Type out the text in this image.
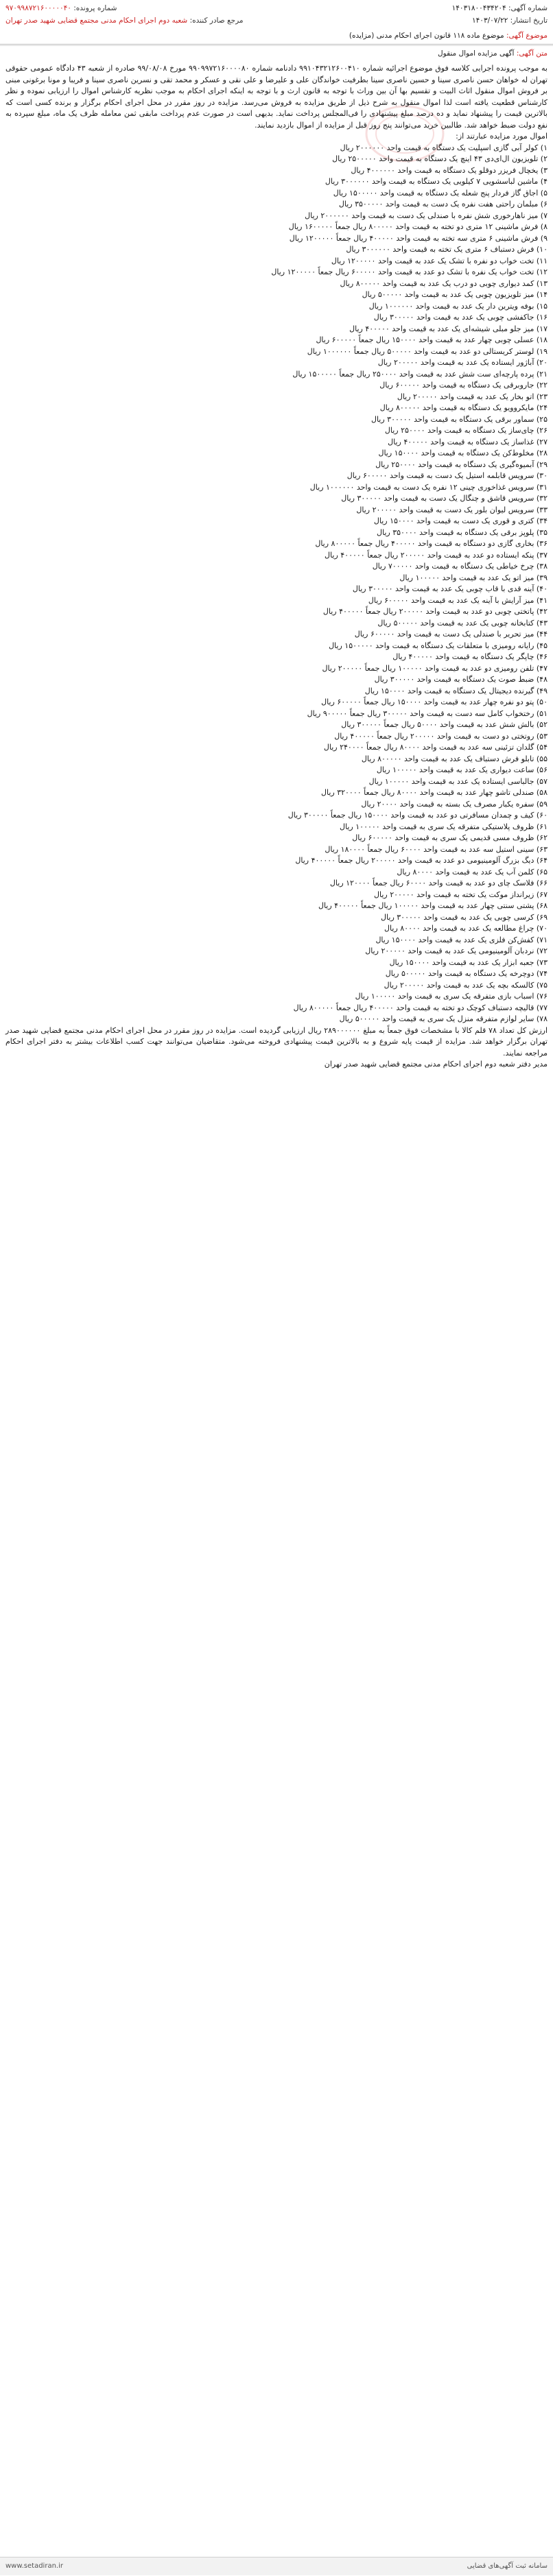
شماره آگهی: ۱۴۰۳۱۸۰۰۴۳۴۲۰۴
تاریخ انتشار: ۱۴۰۳/۰۷/۲۲
شماره پرونده: ۹۷۰۹۹۸۷۲۱۶۰۰۰۰۰۴۰
مرجع صادر کننده: شعبه دوم اجرای احکام مدنی مجتمع قضایی شهید صدر تهران
موضوع آگهی: موضوع ماده ۱۱۸ قانون اجرای احکام مدنی (مزایده)
متن آگهی: آگهی مزایده اموال منقول

به موجب پرونده اجرایی کلاسه فوق موضوع اجرائیه شماره ۹۹۱۰۴۳۲۱۲۶۰۰۴۱۰ دادنامه شماره ۹۹۰۹۹۷۲۱۶۰۰۰۰۸۰ مورخ ۹۹/۰۸/۰۸ صادره از شعبه ۴۳ دادگاه عمومی حقوقی تهران له خواهان حسن ناصری سینا و حسین ناصری سینا بطرفیت خواندگان علی و علیرضا و علی نقی و عسکر و محمد تقی و نسرین ناصری سینا و فریبا و مونا برغونی مبنی بر فروش اموال منقول اثاث البیت و تقسیم بها آن بین وراث با توجه به قانون ارث و با توجه به اینکه اجرای احکام به موجب نظریه کارشناس اموال را ارزیابی نموده و نظر کارشناس قطعیت یافته است لذا اموال منقول به شرح ذیل از طریق مزایده به فروش می‌رسد. مزایده در روز مقرر در محل اجرای احکام برگزار و برنده کسی است که بالاترین قیمت را پیشنهاد نماید و ده درصد مبلغ پیشنهادی را فی‌المجلس پرداخت نماید. بدیهی است در صورت عدم پرداخت مابقی ثمن معامله ظرف یک ماه، مبلغ سپرده به نفع دولت ضبط خواهد شد. طالبین خرید می‌توانند پنج روز قبل از مزایده از اموال بازدید نمایند.

اموال مورد مزایده عبارتند از:

۱) کولر آبی گازی اسپلیت یک دستگاه به قیمت واحد ۲۰۰۰۰۰۰ ریال
۲) تلویزیون ال‌ای‌دی ۴۳ اینچ یک دستگاه به قیمت واحد ۲۵۰۰۰۰۰ ریال
۳) یخچال فریزر دوقلو یک دستگاه به قیمت واحد ۴۰۰۰۰۰۰ ریال
۴) ماشین لباسشویی ۷ کیلویی یک دستگاه به قیمت واحد ۳۰۰۰۰۰۰ ریال
۵) اجاق گاز فردار پنج شعله یک دستگاه به قیمت واحد ۱۵۰۰۰۰۰ ریال
۶) مبلمان راحتی هفت نفره یک دست به قیمت واحد ۳۵۰۰۰۰۰ ریال
۷) میز ناهارخوری شش نفره با صندلی یک دست به قیمت واحد ۲۰۰۰۰۰۰ ریال
۸) فرش ماشینی ۱۲ متری دو تخته به قیمت واحد ۸۰۰۰۰۰ ریال جمعاً ۱۶۰۰۰۰۰ ریال
۹) فرش ماشینی ۶ متری سه تخته به قیمت واحد ۴۰۰۰۰۰ ریال جمعاً ۱۲۰۰۰۰۰ ریال
۱۰) فرش دستباف ۶ متری یک تخته به قیمت واحد ۳۰۰۰۰۰۰ ریال
۱۱) تخت خواب دو نفره با تشک یک عدد به قیمت واحد ۱۲۰۰۰۰۰ ریال
۱۲) تخت خواب یک نفره با تشک دو عدد به قیمت واحد ۶۰۰۰۰۰ ریال جمعاً ۱۲۰۰۰۰۰ ریال
۱۳) کمد دیواری چوبی دو درب یک عدد به قیمت واحد ۸۰۰۰۰۰ ریال
۱۴) میز تلویزیون چوبی یک عدد به قیمت واحد ۵۰۰۰۰۰ ریال
۱۵) بوفه ویترین دار یک عدد به قیمت واحد ۱۰۰۰۰۰۰ ریال
۱۶) جاکفشی چوبی یک عدد به قیمت واحد ۳۰۰۰۰۰ ریال
۱۷) میز جلو مبلی شیشه‌ای یک عدد به قیمت واحد ۴۰۰۰۰۰ ریال
۱۸) عسلی چوبی چهار عدد به قیمت واحد ۱۵۰۰۰۰ ریال جمعاً ۶۰۰۰۰۰ ریال
۱۹) لوستر کریستالی دو عدد به قیمت واحد ۵۰۰۰۰۰ ریال جمعاً ۱۰۰۰۰۰۰ ریال
۲۰) آباژور ایستاده یک عدد به قیمت واحد ۲۰۰۰۰۰ ریال
۲۱) پرده پارچه‌ای ست شش عدد به قیمت واحد ۲۵۰۰۰۰ ریال جمعاً ۱۵۰۰۰۰۰ ریال
۲۲) جاروبرقی یک دستگاه به قیمت واحد ۶۰۰۰۰۰ ریال
۲۳) اتو بخار یک عدد به قیمت واحد ۲۰۰۰۰۰ ریال
۲۴) مایکروویو یک دستگاه به قیمت واحد ۸۰۰۰۰۰ ریال
۲۵) سماور برقی یک دستگاه به قیمت واحد ۳۰۰۰۰۰ ریال
۲۶) چای‌ساز یک دستگاه به قیمت واحد ۲۵۰۰۰۰ ریال
۲۷) غذاساز یک دستگاه به قیمت واحد ۴۰۰۰۰۰ ریال
۲۸) مخلوط‌کن یک دستگاه به قیمت واحد ۱۵۰۰۰۰ ریال
۲۹) آبمیوه‌گیری یک دستگاه به قیمت واحد ۲۵۰۰۰۰ ریال
۳۰) سرویس قابلمه استیل یک دست به قیمت واحد ۶۰۰۰۰۰ ریال
۳۱) سرویس غذاخوری چینی ۱۲ نفره یک دست به قیمت واحد ۱۰۰۰۰۰۰ ریال
۳۲) سرویس قاشق و چنگال یک دست به قیمت واحد ۳۰۰۰۰۰ ریال
۳۳) سرویس لیوان بلور یک دست به قیمت واحد ۲۰۰۰۰۰ ریال
۳۴) کتری و قوری یک دست به قیمت واحد ۱۵۰۰۰۰ ریال
۳۵) پلوپز برقی یک دستگاه به قیمت واحد ۳۵۰۰۰۰ ریال
۳۶) بخاری گازی دو دستگاه به قیمت واحد ۴۰۰۰۰۰ ریال جمعاً ۸۰۰۰۰۰ ریال
۳۷) پنکه ایستاده دو عدد به قیمت واحد ۲۰۰۰۰۰ ریال جمعاً ۴۰۰۰۰۰ ریال
۳۸) چرخ خیاطی یک دستگاه به قیمت واحد ۷۰۰۰۰۰ ریال
۳۹) میز اتو یک عدد به قیمت واحد ۱۰۰۰۰۰ ریال
۴۰) آینه قدی با قاب چوبی یک عدد به قیمت واحد ۳۰۰۰۰۰ ریال
۴۱) میز آرایش با آینه یک عدد به قیمت واحد ۶۰۰۰۰۰ ریال
۴۲) پاتختی چوبی دو عدد به قیمت واحد ۲۰۰۰۰۰ ریال جمعاً ۴۰۰۰۰۰ ریال
۴۳) کتابخانه چوبی یک عدد به قیمت واحد ۵۰۰۰۰۰ ریال
۴۴) میز تحریر با صندلی یک دست به قیمت واحد ۶۰۰۰۰۰ ریال
۴۵) رایانه رومیزی با متعلقات یک دستگاه به قیمت واحد ۱۵۰۰۰۰۰ ریال
۴۶) چاپگر یک دستگاه به قیمت واحد ۴۰۰۰۰۰ ریال
۴۷) تلفن رومیزی دو عدد به قیمت واحد ۱۰۰۰۰۰ ریال جمعاً ۲۰۰۰۰۰ ریال
۴۸) ضبط صوت یک دستگاه به قیمت واحد ۳۰۰۰۰۰ ریال
۴۹) گیرنده دیجیتال یک دستگاه به قیمت واحد ۱۵۰۰۰۰ ریال
۵۰) پتو دو نفره چهار عدد به قیمت واحد ۱۵۰۰۰۰ ریال جمعاً ۶۰۰۰۰۰ ریال
۵۱) رختخواب کامل سه دست به قیمت واحد ۳۰۰۰۰۰ ریال جمعاً ۹۰۰۰۰۰ ریال
۵۲) بالش شش عدد به قیمت واحد ۵۰۰۰۰ ریال جمعاً ۳۰۰۰۰۰ ریال
۵۳) روتختی دو دست به قیمت واحد ۲۰۰۰۰۰ ریال جمعاً ۴۰۰۰۰۰ ریال
۵۴) گلدان تزئینی سه عدد به قیمت واحد ۸۰۰۰۰ ریال جمعاً ۲۴۰۰۰۰ ریال
۵۵) تابلو فرش دستباف یک عدد به قیمت واحد ۸۰۰۰۰۰ ریال
۵۶) ساعت دیواری یک عدد به قیمت واحد ۱۰۰۰۰۰ ریال
۵۷) جالباسی ایستاده یک عدد به قیمت واحد ۱۰۰۰۰۰ ریال
۵۸) صندلی تاشو چهار عدد به قیمت واحد ۸۰۰۰۰ ریال جمعاً ۳۲۰۰۰۰ ریال
۵۹) سفره یکبار مصرف یک بسته به قیمت واحد ۲۰۰۰۰ ریال
۶۰) کیف و چمدان مسافرتی دو عدد به قیمت واحد ۱۵۰۰۰۰ ریال جمعاً ۳۰۰۰۰۰ ریال
۶۱) ظروف پلاستیکی متفرقه یک سری به قیمت واحد ۱۰۰۰۰۰ ریال
۶۲) ظروف مسی قدیمی یک سری به قیمت واحد ۶۰۰۰۰۰ ریال
۶۳) سینی استیل سه عدد به قیمت واحد ۶۰۰۰۰ ریال جمعاً ۱۸۰۰۰۰ ریال
۶۴) دیگ بزرگ آلومینیومی دو عدد به قیمت واحد ۲۰۰۰۰۰ ریال جمعاً ۴۰۰۰۰۰ ریال
۶۵) کلمن آب یک عدد به قیمت واحد ۸۰۰۰۰ ریال
۶۶) فلاسک چای دو عدد به قیمت واحد ۶۰۰۰۰ ریال جمعاً ۱۲۰۰۰۰ ریال
۶۷) زیرانداز موکت یک تخته به قیمت واحد ۲۰۰۰۰۰ ریال
۶۸) پشتی سنتی چهار عدد به قیمت واحد ۱۰۰۰۰۰ ریال جمعاً ۴۰۰۰۰۰ ریال
۶۹) کرسی چوبی یک عدد به قیمت واحد ۳۰۰۰۰۰ ریال
۷۰) چراغ مطالعه یک عدد به قیمت واحد ۸۰۰۰۰ ریال
۷۱) کفش‌کن فلزی یک عدد به قیمت واحد ۱۵۰۰۰۰ ریال
۷۲) نردبان آلومینیومی یک عدد به قیمت واحد ۲۰۰۰۰۰ ریال
۷۳) جعبه ابزار یک عدد به قیمت واحد ۱۵۰۰۰۰ ریال
۷۴) دوچرخه یک دستگاه به قیمت واحد ۵۰۰۰۰۰ ریال
۷۵) کالسکه بچه یک عدد به قیمت واحد ۲۰۰۰۰۰ ریال
۷۶) اسباب بازی متفرقه یک سری به قیمت واحد ۱۰۰۰۰۰ ریال
۷۷) قالیچه دستباف کوچک دو تخته به قیمت واحد ۴۰۰۰۰۰ ریال جمعاً ۸۰۰۰۰۰ ریال
۷۸) سایر لوازم متفرقه منزل یک سری به قیمت واحد ۵۰۰۰۰۰ ریال

ارزش کل تعداد ۷۸ قلم کالا با مشخصات فوق جمعاً به مبلغ ۲۸۹۰۰۰۰۰۰ ریال ارزیابی گردیده است. مزایده در روز مقرر در محل اجرای احکام مدنی مجتمع قضایی شهید صدر تهران برگزار خواهد شد. مزایده از قیمت پایه شروع و به بالاترین قیمت پیشنهادی فروخته می‌شود. متقاضیان می‌توانند جهت کسب اطلاعات بیشتر به دفتر اجرای احکام مراجعه نمایند.

مدیر دفتر شعبه دوم اجرای احکام مدنی مجتمع قضایی شهید صدر تهران

سامانه ثبت آگهی‌های قضایی
www.setadiran.ir
